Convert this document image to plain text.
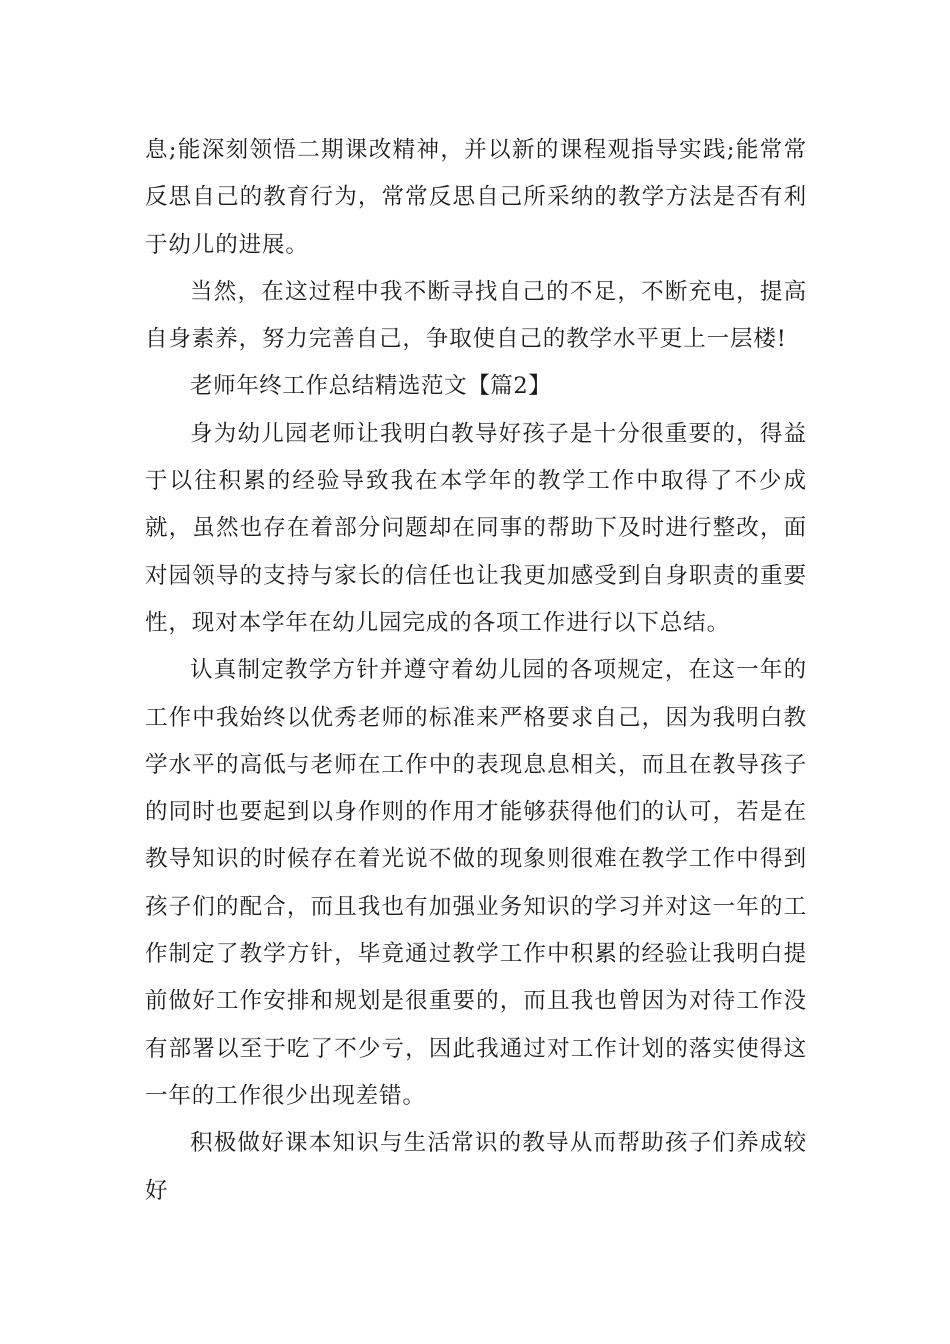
息;能深刻领悟二期课改精神，并以新的课程观指导实践;能常常反思自己的教育行为，常常反思自己所采纳的教学方法是否有利于幼儿的进展。

当然，在这过程中我不断寻找自己的不足，不断充电，提高自身素养，努力完善自己，争取使自己的教学水平更上一层楼!

老师年终工作总结精选范文【篇2】

身为幼儿园老师让我明白教导好孩子是十分很重要的，得益于以往积累的经验导致我在本学年的教学工作中取得了不少成就，虽然也存在着部分问题却在同事的帮助下及时进行整改，面对园领导的支持与家长的信任也让我更加感受到自身职责的重要性，现对本学年在幼儿园完成的各项工作进行以下总结。

认真制定教学方针并遵守着幼儿园的各项规定，在这一年的工作中我始终以优秀老师的标准来严格要求自己，因为我明白教学水平的高低与老师在工作中的表现息息相关，而且在教导孩子的同时也要起到以身作则的作用才能够获得他们的认可，若是在教导知识的时候存在着光说不做的现象则很难在教学工作中得到孩子们的配合，而且我也有加强业务知识的学习并对这一年的工作制定了教学方针，毕竟通过教学工作中积累的经验让我明白提前做好工作安排和规划是很重要的，而且我也曾因为对待工作没有部署以至于吃了不少亏，因此我通过对工作计划的落实使得这一年的工作很少出现差错。

积极做好课本知识与生活常识的教导从而帮助孩子们养成较好
